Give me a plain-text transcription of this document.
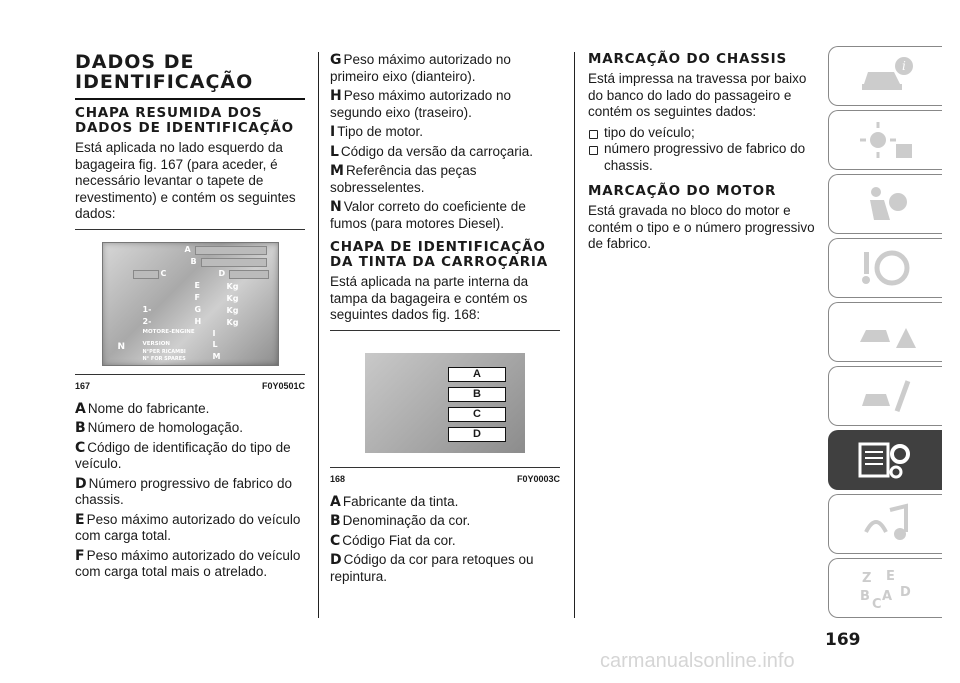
DADOS DE IDENTIFICAÇÃO
CHAPA RESUMIDA DOS DADOS DE IDENTIFICAÇÃO

Está aplicada no lado esquerdo da bagageira fig. 167 (para aceder, é necessário levantar o tapete de revestimento) e contém os seguintes dados:

A
B
C	D
E	Kg
F	Kg
1-	G	Kg
2-	H	Kg
MOTORE-ENGINE I
VERSION	L
N°PER RICAMBI
N° FOR SPARES	M
N
167	F0Y0501C
A Nome do fabricante.
B Número de homologação.
C Código de identificação do tipo de veículo.
D Número progressivo de fabrico do chassis.
E Peso máximo autorizado do veículo com carga total.
F Peso máximo autorizado do veículo com carga total mais o atrelado.
G Peso máximo autorizado no primeiro eixo (dianteiro).
H Peso máximo autorizado no segundo eixo (traseiro).
I Tipo de motor.
L Código da versão da carroçaria.
M Referência das peças sobresselentes.
N Valor correto do coeficiente de fumos (para motores Diesel).
CHAPA DE IDENTIFICAÇÃO DA TINTA DA CARROÇARIA

Está aplicada na parte interna da tampa da bagageira e contém os seguintes dados fig. 168:

A
B
C
D
168	F0Y0003C
A Fabricante da tinta.
B Denominação da cor.
C Código Fiat da cor.
D Código da cor para retoques ou repintura.
MARCAÇÃO DO CHASSIS

Está impressa na travessa por baixo do banco do lado do passageiro e contém os seguintes dados:

tipo do veículo;
número progressivo de fabrico do chassis.
MARCAÇÃO DO MOTOR

Está gravada no bloco do motor e contém o tipo e o número progressivo de fabrico.

i
Z E
B A D
C
169
carmanualsonline.info
